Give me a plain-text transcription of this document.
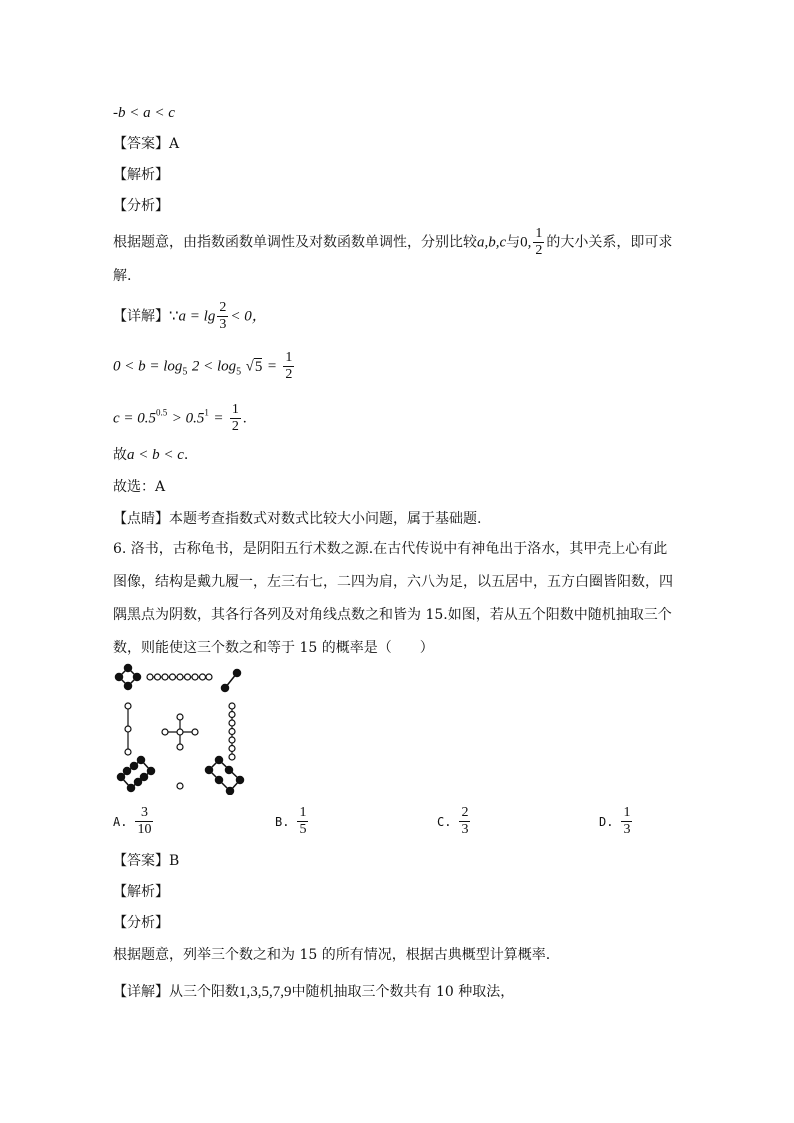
-b < a < c
【答案】A
【解析】
【分析】
根据题意，由指数函数单调性及对数函数单调性，分别比较a,b,c与0, $\frac{1}{2}$ 的大小关系，即可求
解.
【详解】∵a = $\lg \frac{2}{3} < 0$，
$0 < b = \log_5 2 < \log_5 √5 = \frac{1}{2}$
$c = 0.5^{0.5} > 0.5^1 = \frac{1}{2}$ .
故a < b < c.
故选：A
【点睛】本题考查指数式对数式比较大小问题，属于基础题.
6. 洛书，古称龟书，是阴阳五行术数之源.在古代传说中有神龟出于洛水，其甲壳上心有此图像，结构是戴九履一，左三右七，二四为肩，六八为足，以五居中，五方白圈皆阳数，四隅黑点为阴数，其各行各列及对角线点数之和皆为 15.如图，若从五个阳数中随机抽取三个数，则能使这三个数之和等于 15 的概率是（　　）
A. $\frac{3}{10}$	B. $\frac{1}{5}$	C. $\frac{2}{3}$	D. $\frac{1}{3}$
【答案】B
【解析】
【分析】
根据题意，列举三个数之和为 15 的所有情况，根据古典概型计算概率.
【详解】从三个阳数1,3,5,7,9中随机抽取三个数共有 10 种取法，
